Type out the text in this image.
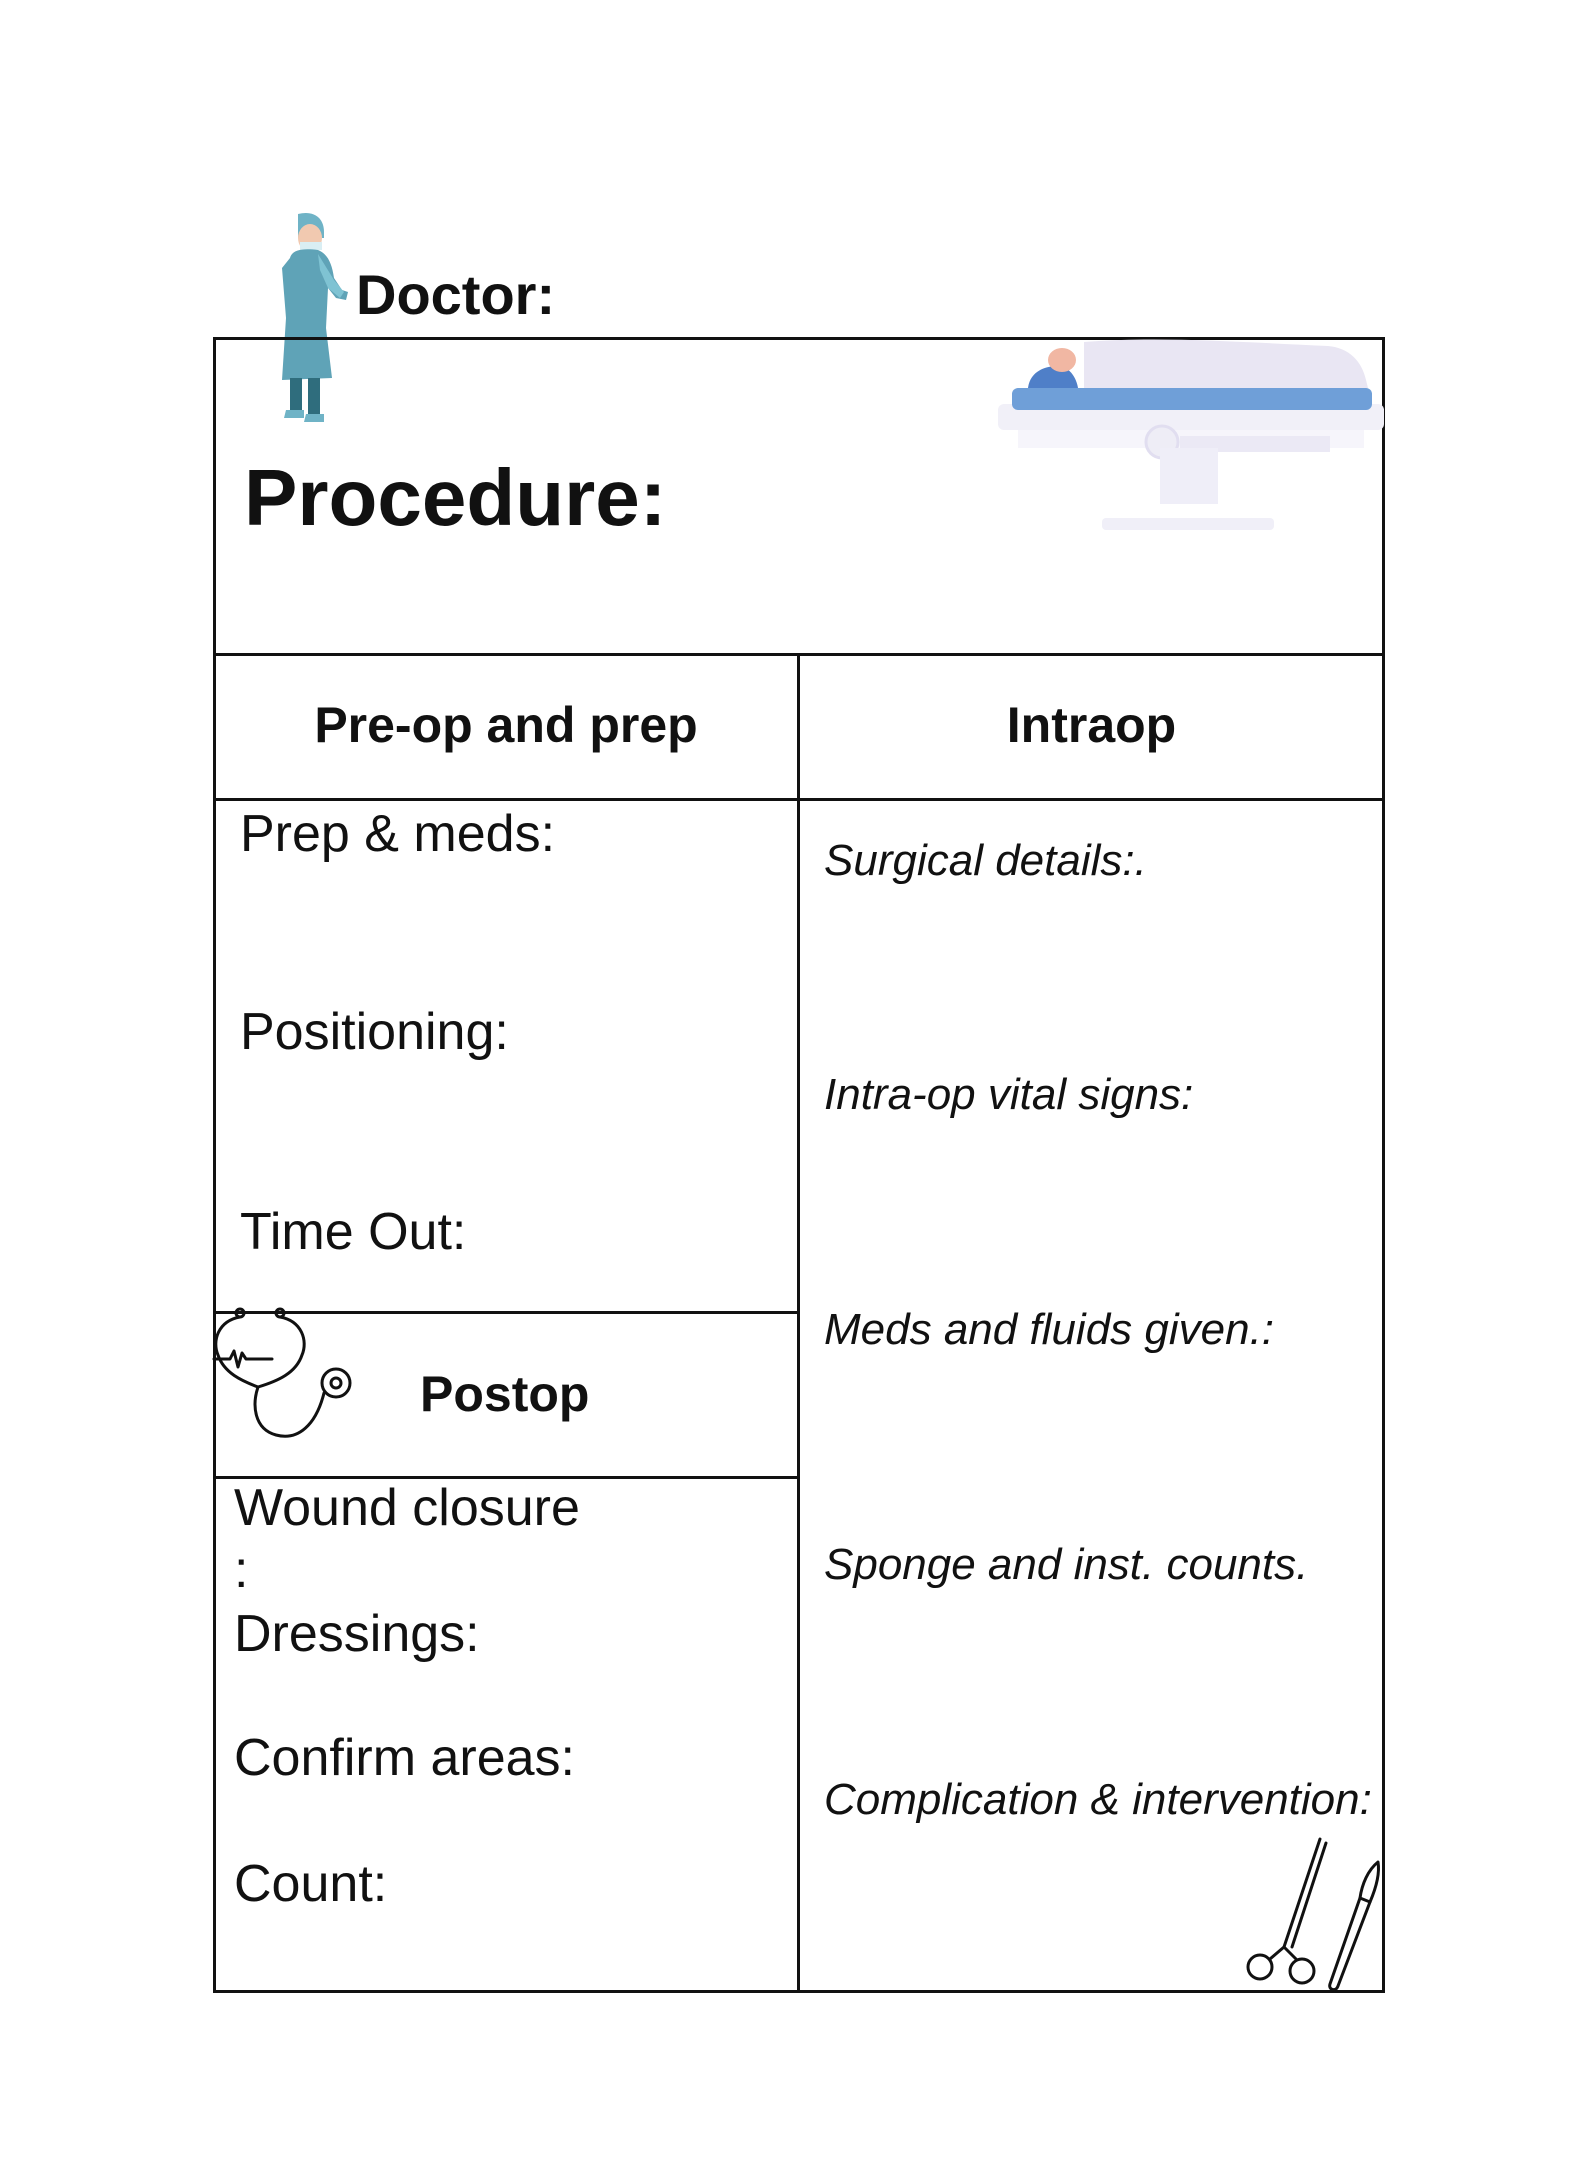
Doctor:
Procedure:
Pre-op and prep	Intraop
Prep & meds:
Positioning:
Time Out:
Postop
Wound closure
:
Dressings:
Confirm areas:
Count:
Surgical details:.
Intra-op vital signs:
Meds and fluids given.:
Sponge and inst. counts.
Complication & intervention:
